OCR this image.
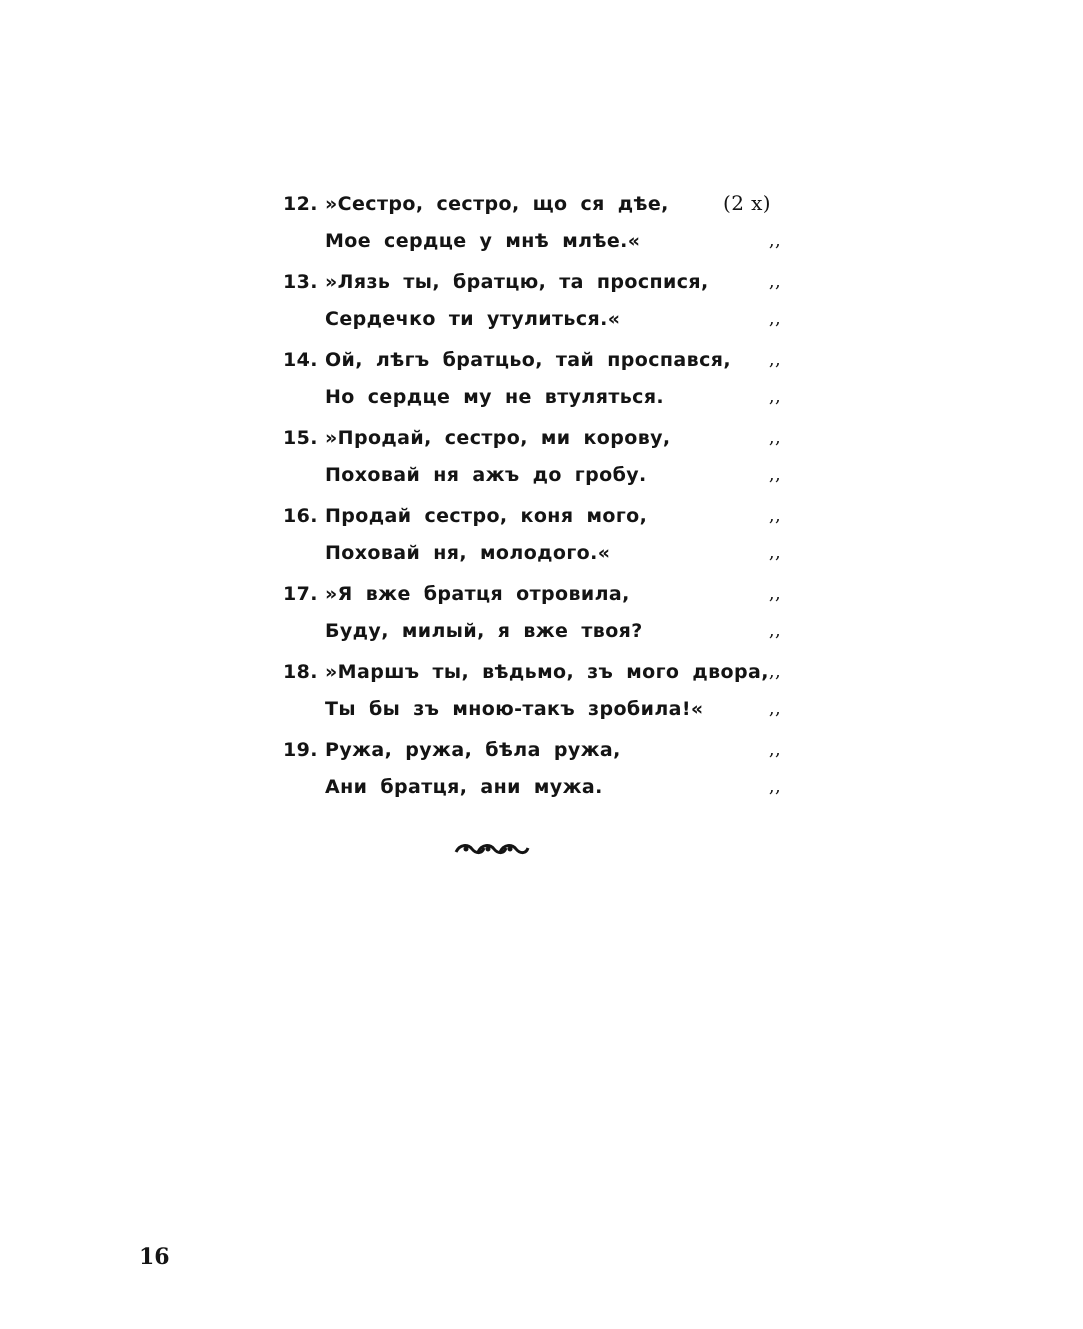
12. »Сестро, сестро, що ся дѣе,	(2 x)
Мое сердце у мнѣ млѣе.«	,,
13. »Лязь ты, братцю, та проспися,	,,
Сердечко ти утулиться.«	,,
14. Ой, лѣгъ братцьо, тай проспався,	,,
Но сердце му не втуляться.	,,
15. »Продай, сестро, ми корову,	,,
Поховай ня ажъ до гробу.	,,
16. Продай сестро, коня мого,	,,
Поховай ня, молодого.«	,,
17. »Я вже братця отровила,	,,
Буду, милый, я вже твоя?	,,
18. »Маршъ ты, вѣдьмо, зъ мого двора, ,,
Ты бы зъ мною-такъ зробила!«	,,
19. Ружа, ружа, бѣла ружа,	,,
Ани братця, ани мужа.	,,
16
